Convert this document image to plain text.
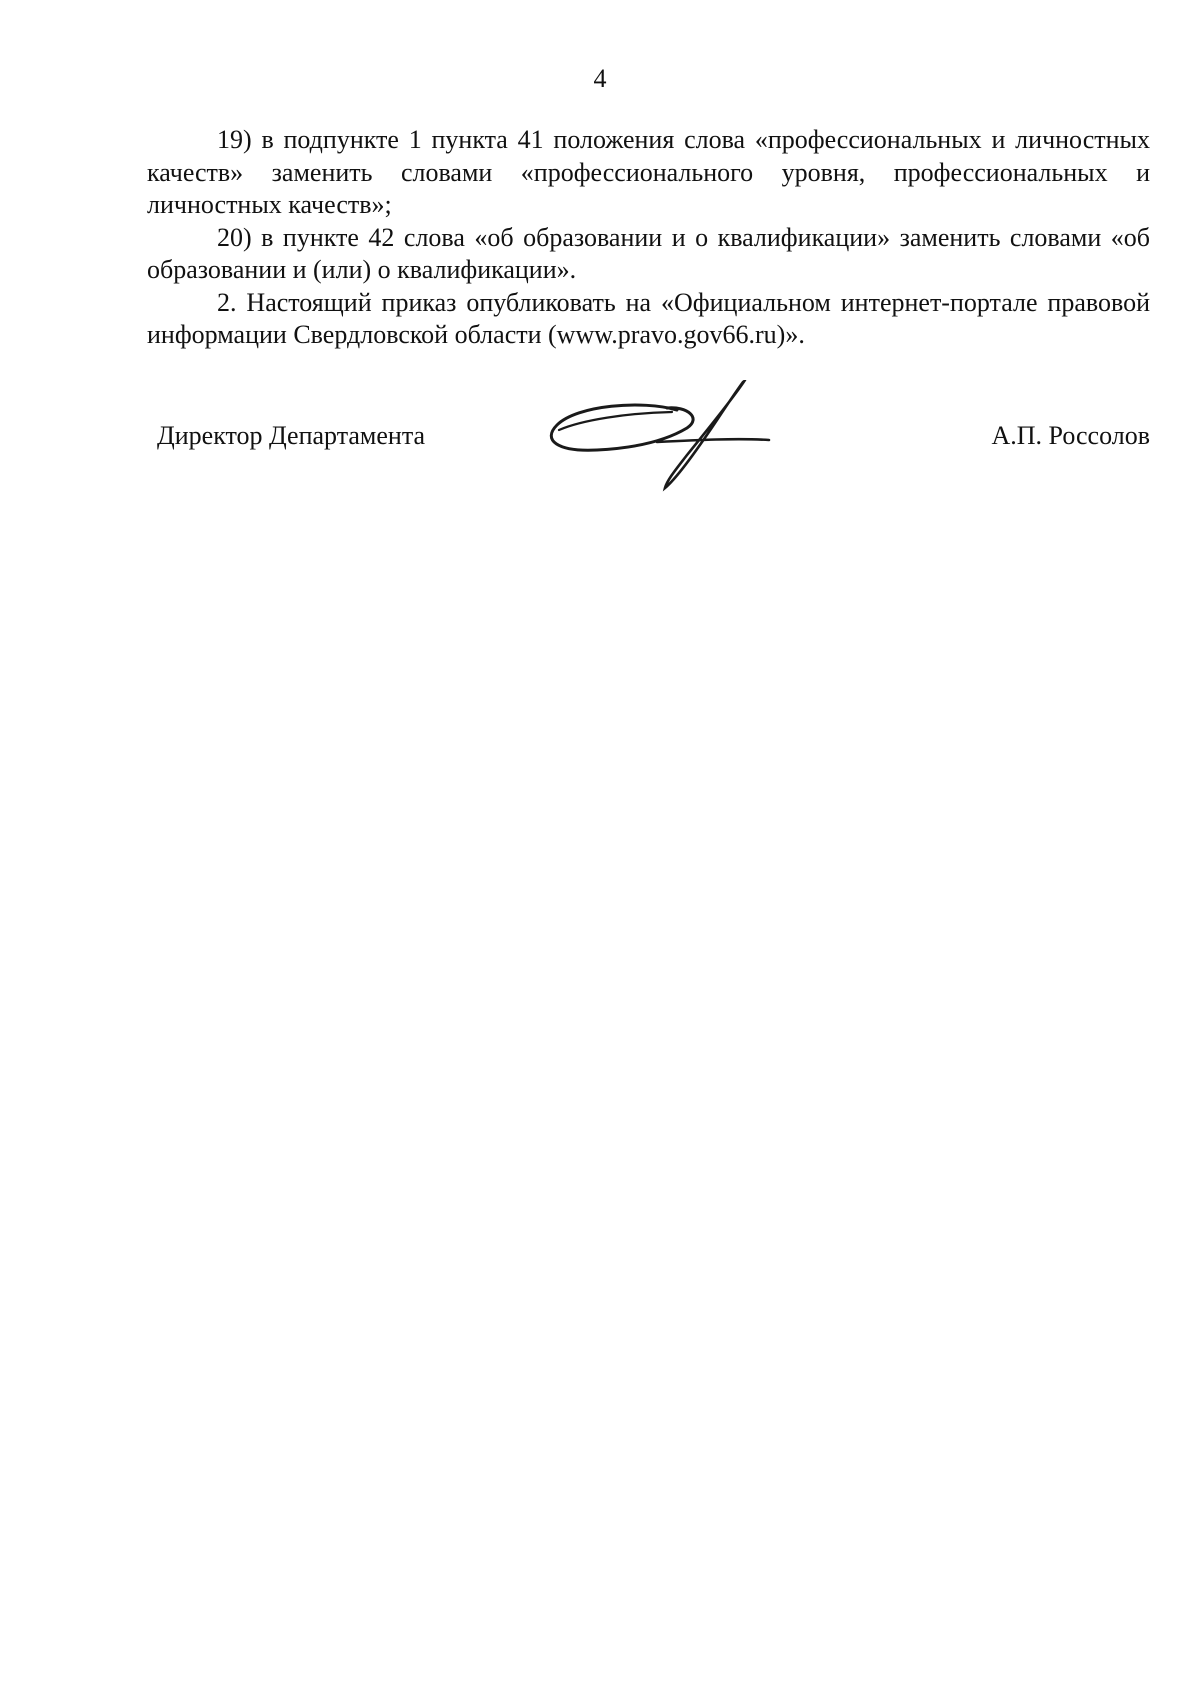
4

19) в подпункте 1 пункта 41 положения слова «профессиональных и личностных качеств» заменить словами «профессионального уровня, профессиональных и личностных качеств»;

20) в пункте 42 слова «об образовании и о квалификации» заменить словами «об образовании и (или) о квалификации».

2. Настоящий приказ опубликовать на «Официальном интернет-портале правовой информации Свердловской области (www.pravo.gov66.ru)».

Директор Департамента	А.П. Россолов
